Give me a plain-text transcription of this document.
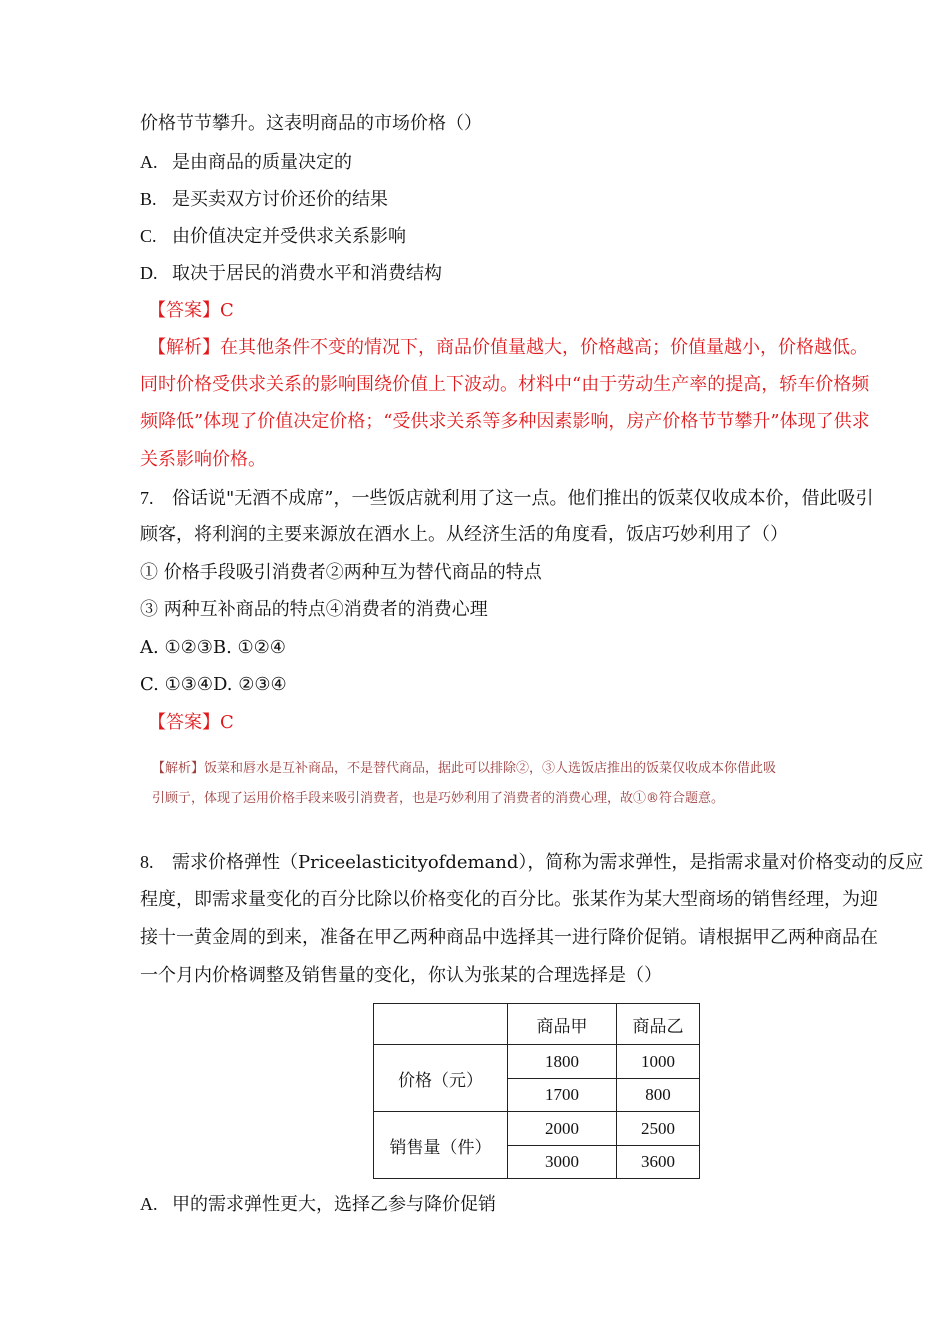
价格节节攀升。这表明商品的市场价格（）
A. 是由商品的质量决定的
B. 是买卖双方讨价还价的结果
C. 由价值决定并受供求关系影响
D. 取决于居民的消费水平和消费结构
【答案】C
【解析】在其他条件不变的情况下，商品价值量越大，价格越高；价值量越小，价格越低。
同时价格受供求关系的影响围绕价值上下波动。材料中“由于劳动生产率的提高，轿车价格频
频降低”体现了价值决定价格；“受供求关系等多种因素影响，房产价格节节攀升”体现了供求
关系影响价格。
7. 俗话说"无酒不成席”，一些饭店就利用了这一点。他们推出的饭菜仅收成本价，借此吸引
顾客，将利润的主要来源放在酒水上。从经济生活的角度看，饭店巧妙利用了（）
① 价格手段吸引消费者②两种互为替代商品的特点
③ 两种互补商品的特点④消费者的消费心理
A. ①②③B. ①②④
C. ①③④D. ②③④
【答案】C
【解析】饭菜和唇水是互补商品，不是替代商品，据此可以排除②，③人选饭店推出的饭菜仅收成本你借此吸
引顾亍，体现了运用价格手段来吸引消费者，也是巧妙利用了消费者的消费心理，故①®符合题意。
8. 需求价格弹性（Priceelasticityofdemand），简称为需求弹性，是指需求量对价格变动的反应
程度，即需求量变化的百分比除以价格变化的百分比。张某作为某大型商场的销售经理，为迎
接十一黄金周的到来，准备在甲乙两种商品中选择其一进行降价促销。请根据甲乙两种商品在
一个月内价格调整及销售量的变化，你认为张某的合理选择是（）
	商品甲	商品乙
价格（元）	1800	1000
	1700	800
销售量（件）	2000	2500
	3000	3600
A. 甲的需求弹性更大，选择乙参与降价促销
